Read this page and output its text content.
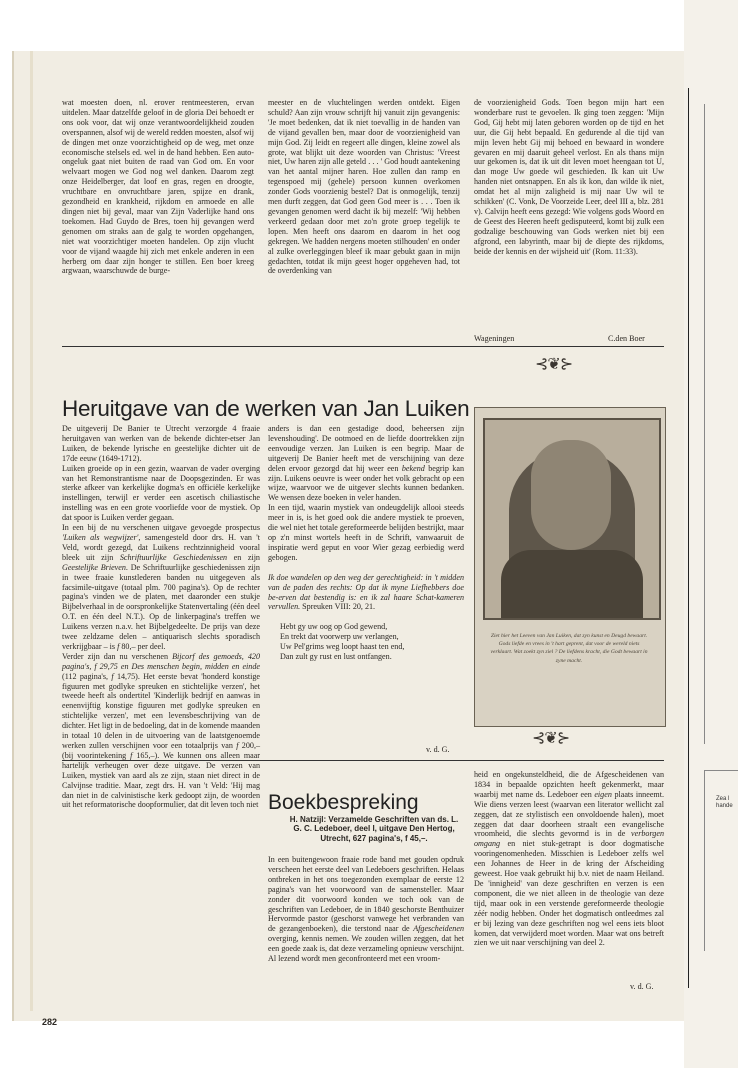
Zea l
hande

wat moesten doen, nl. erover rentmeesteren, ervan uitdelen. Maar datzelfde geloof in de gloria Dei behoedt er ons ook voor, dat wij onze verantwoordelijkheid zouden overspannen, alsof wij de wereld redden moesten, alsof wij de dingen met onze voorzichtigheid op de weg, met onze economische stelsels ed. wel in de hand hebben. Een auto-ongeluk gaat niet buiten de raad van God om. En voor welvaart mogen we God nog wel danken. Daarom zegt onze Heidelberger, dat loof en gras, regen en droogte, vruchtbare en onvruchtbare jaren, spijze en drank, gezondheid en krankheid, rijkdom en armoede en alle dingen niet bij geval, maar van Zijn Vaderlijke hand ons toekomen. Had Guydo de Bres, toen hij gevangen werd genomen om straks aan de galg te worden opgehangen, niet wat voorzichtiger moeten handelen. Op zijn vlucht voor de vijand waagde hij zich met enkele anderen in een herberg om daar zijn honger te stillen. Een boer kreeg argwaan, waarschuwde de burge-

meester en de vluchtelingen werden ontdekt. Eigen schuld? Aan zijn vrouw schrijft hij vanuit zijn gevangenis: 'Je moet bedenken, dat ik niet toevallig in de handen van de vijand gevallen ben, maar door de voorzienigheid van mijn God. Zij leidt en regeert alle dingen, kleine zowel als grote, wat blijkt uit deze woorden van Christus: 'Vreest niet, Uw haren zijn alle geteld . . . ' God houdt aantekening van het aantal mijner haren. Hoe zullen dan ramp en tegenspoed mij (gehele) persoon kunnen overkomen zonder Gods voorzienig bestel? Dat is onmogelijk, tenzij men durft zeggen, dat God geen God meer is . . . Toen ik gevangen genomen werd dacht ik bij mezelf: 'Wij hebben verkeerd gedaan door met zo'n grote groep tegelijk te lopen. Men heeft ons daarom en daarom in het oog gekregen. We hadden nergens moeten stilhouden' en onder al zulke overleggingen bleef ik maar gebukt gaan in mijn gedachten, totdat ik mijn geest hoger opgeheven had, tot de overdenking van

de voorzienigheid Gods. Toen begon mijn hart een wonderbare rust te gevoelen. Ik ging toen zeggen: 'Mijn God, Gij hebt mij laten geboren worden op de tijd en het uur, die Gij hebt bepaald. En gedurende al die tijd van mijn leven hebt Gij mij behoed en bewaard in wondere gevaren en mij daaruit geheel verlost. En als thans mijn uur gekomen is, dat ik uit dit leven moet heengaan tot U, dan moge Uw goede wil geschieden. Ik kan uit Uw handen niet ontsnappen. En als ik kon, dan wilde ik niet, omdat het al mijn zaligheid is mij naar Uw wil te schikken' (C. Vonk, De Voorzeide Leer, deel III a, blz. 281 v). Calvijn heeft eens gezegd: Wie volgens gods Woord en de Geest des Heeren heeft gedisputeerd, komt bij zulk een godzalige beschouwing van Gods werken niet bij een afgrond, een labyrinth, maar bij de diepte des rijkdoms, beide der kennis en der wijsheid uit' (Rom. 11:33).

Wageningen	C.den Boer
⊰❦⊱
Heruitgave van de werken van Jan Luiken

De uitgeverij De Banier te Utrecht verzorgde 4 fraaie heruitgaven van werken van de bekende dichter-etser Jan Luiken, de bekende lyrische en geestelijke dichter uit de 17de eeuw (1649-1712).

Luiken groeide op in een gezin, waarvan de vader overging van het Remonstrantisme naar de Doopsgezinden. Er was sterke afkeer van kerkelijke dogma's en officiële kerkelijke instellingen, terwijl er verder een ascetisch chiliastische instelling was en een grote voorliefde voor de mystiek. Op dat spoor is Luiken verder gegaan.

In een bij de nu verschenen uitgave gevoegde prospectus 'Luiken als wegwijzer', samengesteld door drs. H. van 't Veld, wordt gezegd, dat Luikens rechtzinnigheid vooral bleek uit zijn Schriftuurlijke Geschiedenissen en zijn Geestelijke Brieven. De Schriftuurlijke geschiedenissen zijn in twee fraaie kunstlederen banden nu uitgegeven als facsimile-uitgave (totaal plm. 700 pagina's). Op de rechter pagina's vinden we de platen, met daaronder een stukje Bijbelverhaal in de oorspronkelijke Statenvertaling (één deel O.T. en één deel N.T.). Op de linkerpagina's treffen we Luikens verzen n.a.v. het Bijbelgedeelte. De prijs van deze twee zeldzame delen – antiquarisch slechts sporadisch verkrijgbaar – is f 80,– per deel.

Verder zijn dan nu verschenen Bijcorf des gemoeds, 420 pagina's, f 29,75 en Des menschen begin, midden en einde (112 pagina's, f 14,75). Het eerste bevat 'honderd konstige figuuren met godlyke spreuken en stichtelijke verzen', het tweede heeft als ondertitel 'Kinderlijk bedrijf en aanwas in eenenvijftig konstige figuuren met godlyke spreuken en stichtelijke verzen', met een levensbeschrijving van de dichter. Het ligt in de bedoeling, dat in de komende maanden in totaal 10 delen in de uitvoering van de laatstgenoemde werken zullen verschijnen voor een totaalprijs van f 200,– (bij voorintekening f 165,–). We kunnen ons alleen maar hartelijk verheugen over deze uitgave. De verzen van Luiken, mystiek van aard als ze zijn, staan niet direct in de Calvijnse traditie. Maar, zegt drs. H. van 't Veld: 'Hij mag dan niet in de calvinistische kerk gedoopt zijn, de woorden uit het reformatorische doopformulier, dat dit leven toch niet

anders is dan een gestadige dood, beheersen zijn levenshouding'. De ootmoed en de liefde doortrekken zijn eenvoudige verzen. Jan Luiken is een begrip. Maar de uitgeverij De Banier heeft met de verschijning van deze delen ervoor gezorgd dat hij weer een bekend begrip kan zijn. Luikens oeuvre is weer onder het volk gebracht op een wijze, waarvoor we de uitgever slechts kunnen bedanken. We wensen deze boeken in veler handen.

In een tijd, waarin mystiek van ondeugdelijk allooi steeds meer in is, is het goed ook die andere mystiek te proeven, die wel niet het totale gereformeerde belijden bestrijkt, maar op z'n minst wortels heeft in de Schrift, vanwaaruit de inspiratie werd geput en voor Wier gezag eerbiedig werd gebogen.

Ik doe wandelen op den weg der gerechtigheid: in 't midden van de paden des rechts: Op dat ik myne Liefhebbers doe be-erven dat bestendig is: en ik zal haare Schat-kameren vervullen. Spreuken VIII: 20, 21.

Hebt gy uw oog op God gewend,
En trekt dat voorwerp uw verlangen,
Uw Pel'grims weg loopt haast ten end,
Dan zult gy rust en lust ontfangen.

v. d. G.
Ziet hier het Leeven van Jan Luiken, dat zyn kunst en Deugd bewaart. Gods liefde en vrees in 't hart geprent, dat voor de wereld niets verklaart. Wat zoekt zyn ziel ? De liefdens kracht, die Godt bewaart in zyne macht.
⊰❦⊱
Boekbespreking
H. Natzijl: Verzamelde Geschriften van ds. L. G. C. Ledeboer, deel I, uitgave Den Hertog, Utrecht, 627 pagina's, f 45,–.

In een buitengewoon fraaie rode band met gouden opdruk verscheen het eerste deel van Ledeboers geschriften. Helaas ontbreken in het ons toegezonden exemplaar de eerste 12 pagina's van het voorwoord van de samensteller. Maar zonder dit voorwoord konden we toch ook van de geschriften van Ledeboer, de in 1840 geschorste Benthuizer Hervormde pastor (geschorst vanwege het verbranden van de gezangenboeken), die terstond naar de Afgescheidenen overging, kennis nemen. We zouden willen zeggen, dat het een goede zaak is, dat deze verzameling opnieuw verschijnt. Al lezend wordt men geconfronteerd met een vroom-

heid en ongekunsteldheid, die de Afgescheidenen van 1834 in bepaalde opzichten heeft gekenmerkt, maar waarbij met name ds. Ledeboer een eigen plaats inneemt. Wie diens verzen leest (waarvan een literator wellicht zal zeggen, dat ze stylistisch een onvoldoende halen), moet zeggen dat daar doorheen straalt een evangelische vroomheid, die slechts gevormd is in de verborgen omgang en niet stuk-getrapt is door dogmatische vooringenomenheden. Misschien is Ledeboer zelfs wel een Johannes de Heer in de kring der Afscheiding geweest. Hoe vaak gebruikt hij b.v. niet de naam Heiland. De 'innigheid' van deze geschriften en verzen is een component, die we niet alleen in de theologie van deze tijd, maar ook in een verstende gereformeerde theologie zéér nodig hebben. Onder het dogmatisch ontleedmes zal er bij lezing van deze geschriften nog wel eens iets bloot komen, dat verwijderd moet worden. Maar wat ons betreft zien we uit naar verschijning van deel 2.

v. d. G.
282
